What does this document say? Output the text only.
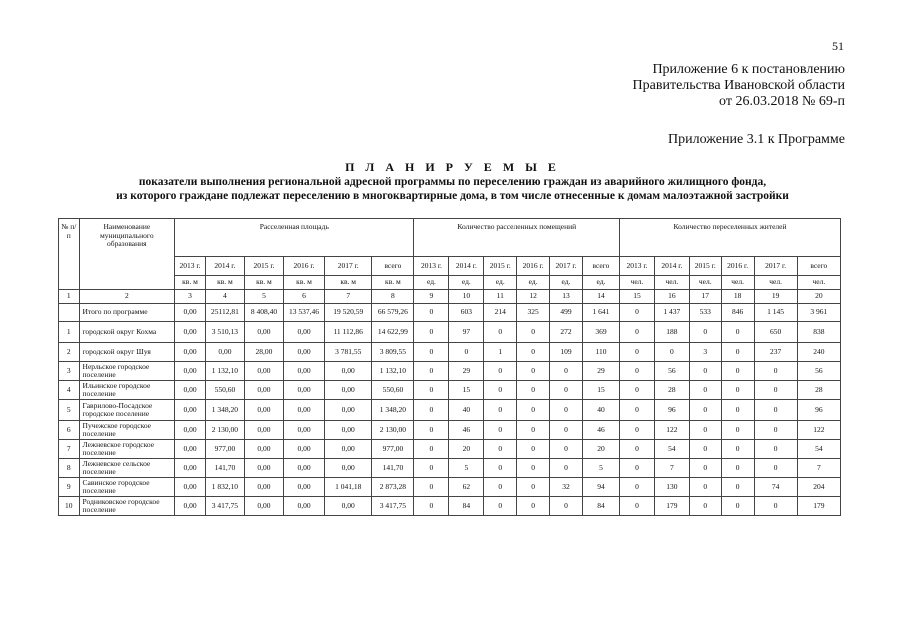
51
Приложение 6 к постановлению
Правительства Ивановской области
от 26.03.2018 № 69-п
Приложение 3.1 к Программе
П Л А Н И Р У Е М Ы Е
показатели выполнения региональной адресной программы по переселению граждан из аварийного жилищного фонда,
из которого граждане подлежат переселению в многоквартирные дома, в том числе отнесенные к домам малоэтажной застройки
№ п/п	Наименование муниципального образования	Расселенная площадь						Количество расселенных помещений						Количество переселенных жителей					
		2013 г.	2014 г.	2015 г.	2016 г.	2017 г.	всего	2013 г.	2014 г.	2015 г.	2016 г.	2017 г.	всего	2013 г.	2014 г.	2015 г.	2016 г.	2017 г.	всего
		кв. м	кв. м	кв. м	кв. м	кв. м	кв. м	ед.	ед.	ед.	ед.	ед.	ед.	чел.	чел.	чел.	чел.	чел.	чел.
1	2	3	4	5	6	7	8	9	10	11	12	13	14	15	16	17	18	19	20
	Итого по программе	0,00	25112,81	8 408,40	13 537,46	19 520,59	66 579,26	0	603	214	325	499	1 641	0	1 437	533	846	1 145	3 961
1	городской округ Кохма	0,00	3 510,13	0,00	0,00	11 112,86	14 622,99	0	97	0	0	272	369	0	188	0	0	650	838
2	городской округ Шуя	0,00	0,00	28,00	0,00	3 781,55	3 809,55	0	0	1	0	109	110	0	0	3	0	237	240
3	Нерльское городское поселение	0,00	1 132,10	0,00	0,00	0,00	1 132,10	0	29	0	0	0	29	0	56	0	0	0	56
4	Ильинское городское поселение	0,00	550,60	0,00	0,00	0,00	550,60	0	15	0	0	0	15	0	28	0	0	0	28
5	Гаврилово-Посадское городское поселение	0,00	1 348,20	0,00	0,00	0,00	1 348,20	0	40	0	0	0	40	0	96	0	0	0	96
6	Пучежское городское поселение	0,00	2 130,00	0,00	0,00	0,00	2 130,00	0	46	0	0	0	46	0	122	0	0	0	122
7	Лежневское городское поселение	0,00	977,00	0,00	0,00	0,00	977,00	0	20	0	0	0	20	0	54	0	0	0	54
8	Лежневское сельское поселение	0,00	141,70	0,00	0,00	0,00	141,70	0	5	0	0	0	5	0	7	0	0	0	7
9	Савинское городское поселение	0,00	1 832,10	0,00	0,00	1 041,18	2 873,28	0	62	0	0	32	94	0	130	0	0	74	204
10	Родниковское городское поселение	0,00	3 417,75	0,00	0,00	0,00	3 417,75	0	84	0	0	0	84	0	179	0	0	0	179
